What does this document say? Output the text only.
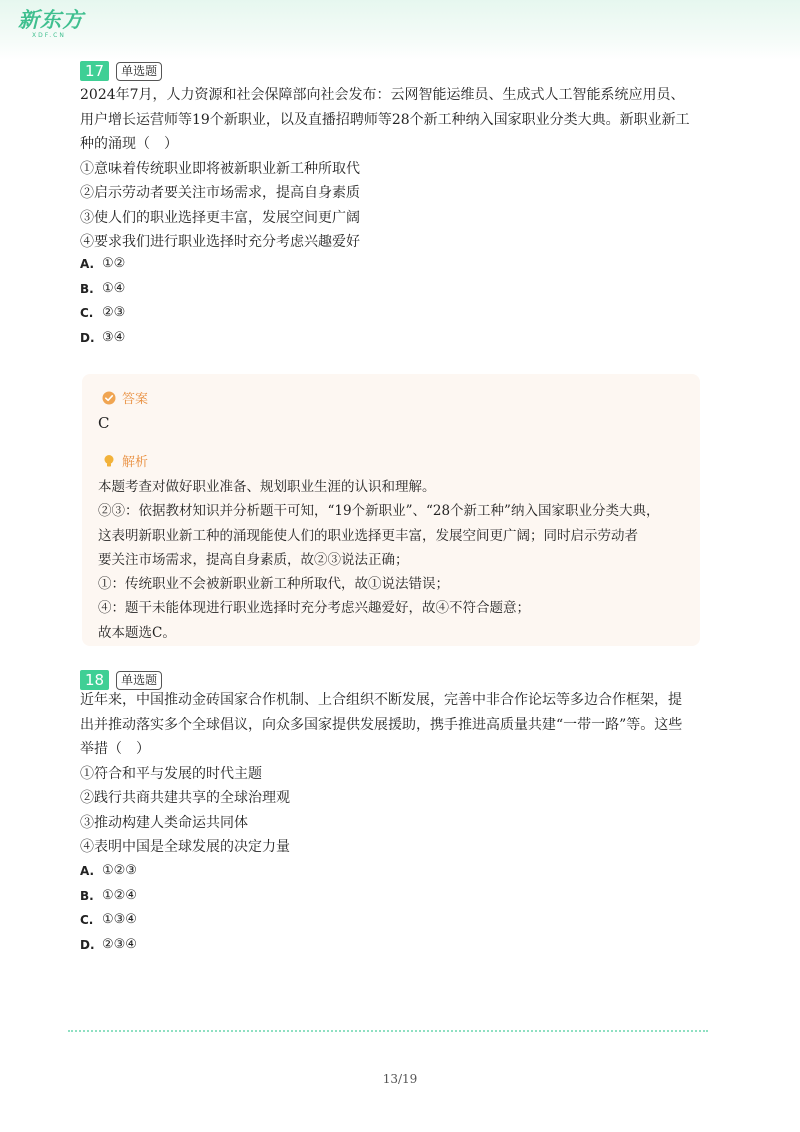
新东方
XDF.CN
17	单选题
2024年7月，人力资源和社会保障部向社会发布：云网智能运维员、生成式人工智能系统应用员、
用户增长运营师等19个新职业，以及直播招聘师等28个新工种纳入国家职业分类大典。新职业新工
种的涌现（　）
①意味着传统职业即将被新职业新工种所取代
②启示劳动者要关注市场需求，提高自身素质
③使人们的职业选择更丰富，发展空间更广阔
④要求我们进行职业选择时充分考虑兴趣爱好
A. ①②
B. ①④
C. ②③
D. ③④
答案
C
解析
本题考查对做好职业准备、规划职业生涯的认识和理解。
②③：依据教材知识并分析题干可知，“19个新职业”、“28个新工种”纳入国家职业分类大典，
这表明新职业新工种的涌现能使人们的职业选择更丰富，发展空间更广阔；同时启示劳动者
要关注市场需求，提高自身素质，故②③说法正确；
①：传统职业不会被新职业新工种所取代，故①说法错误；
④：题干未能体现进行职业选择时充分考虑兴趣爱好，故④不符合题意；
故本题选C。
18	单选题
近年来，中国推动金砖国家合作机制、上合组织不断发展，完善中非合作论坛等多边合作框架，提
出并推动落实多个全球倡议，向众多国家提供发展援助，携手推进高质量共建“一带一路”等。这些
举措（　）
①符合和平与发展的时代主题
②践行共商共建共享的全球治理观
③推动构建人类命运共同体
④表明中国是全球发展的决定力量
A. ①②③
B. ①②④
C. ①③④
D. ②③④
13/19
